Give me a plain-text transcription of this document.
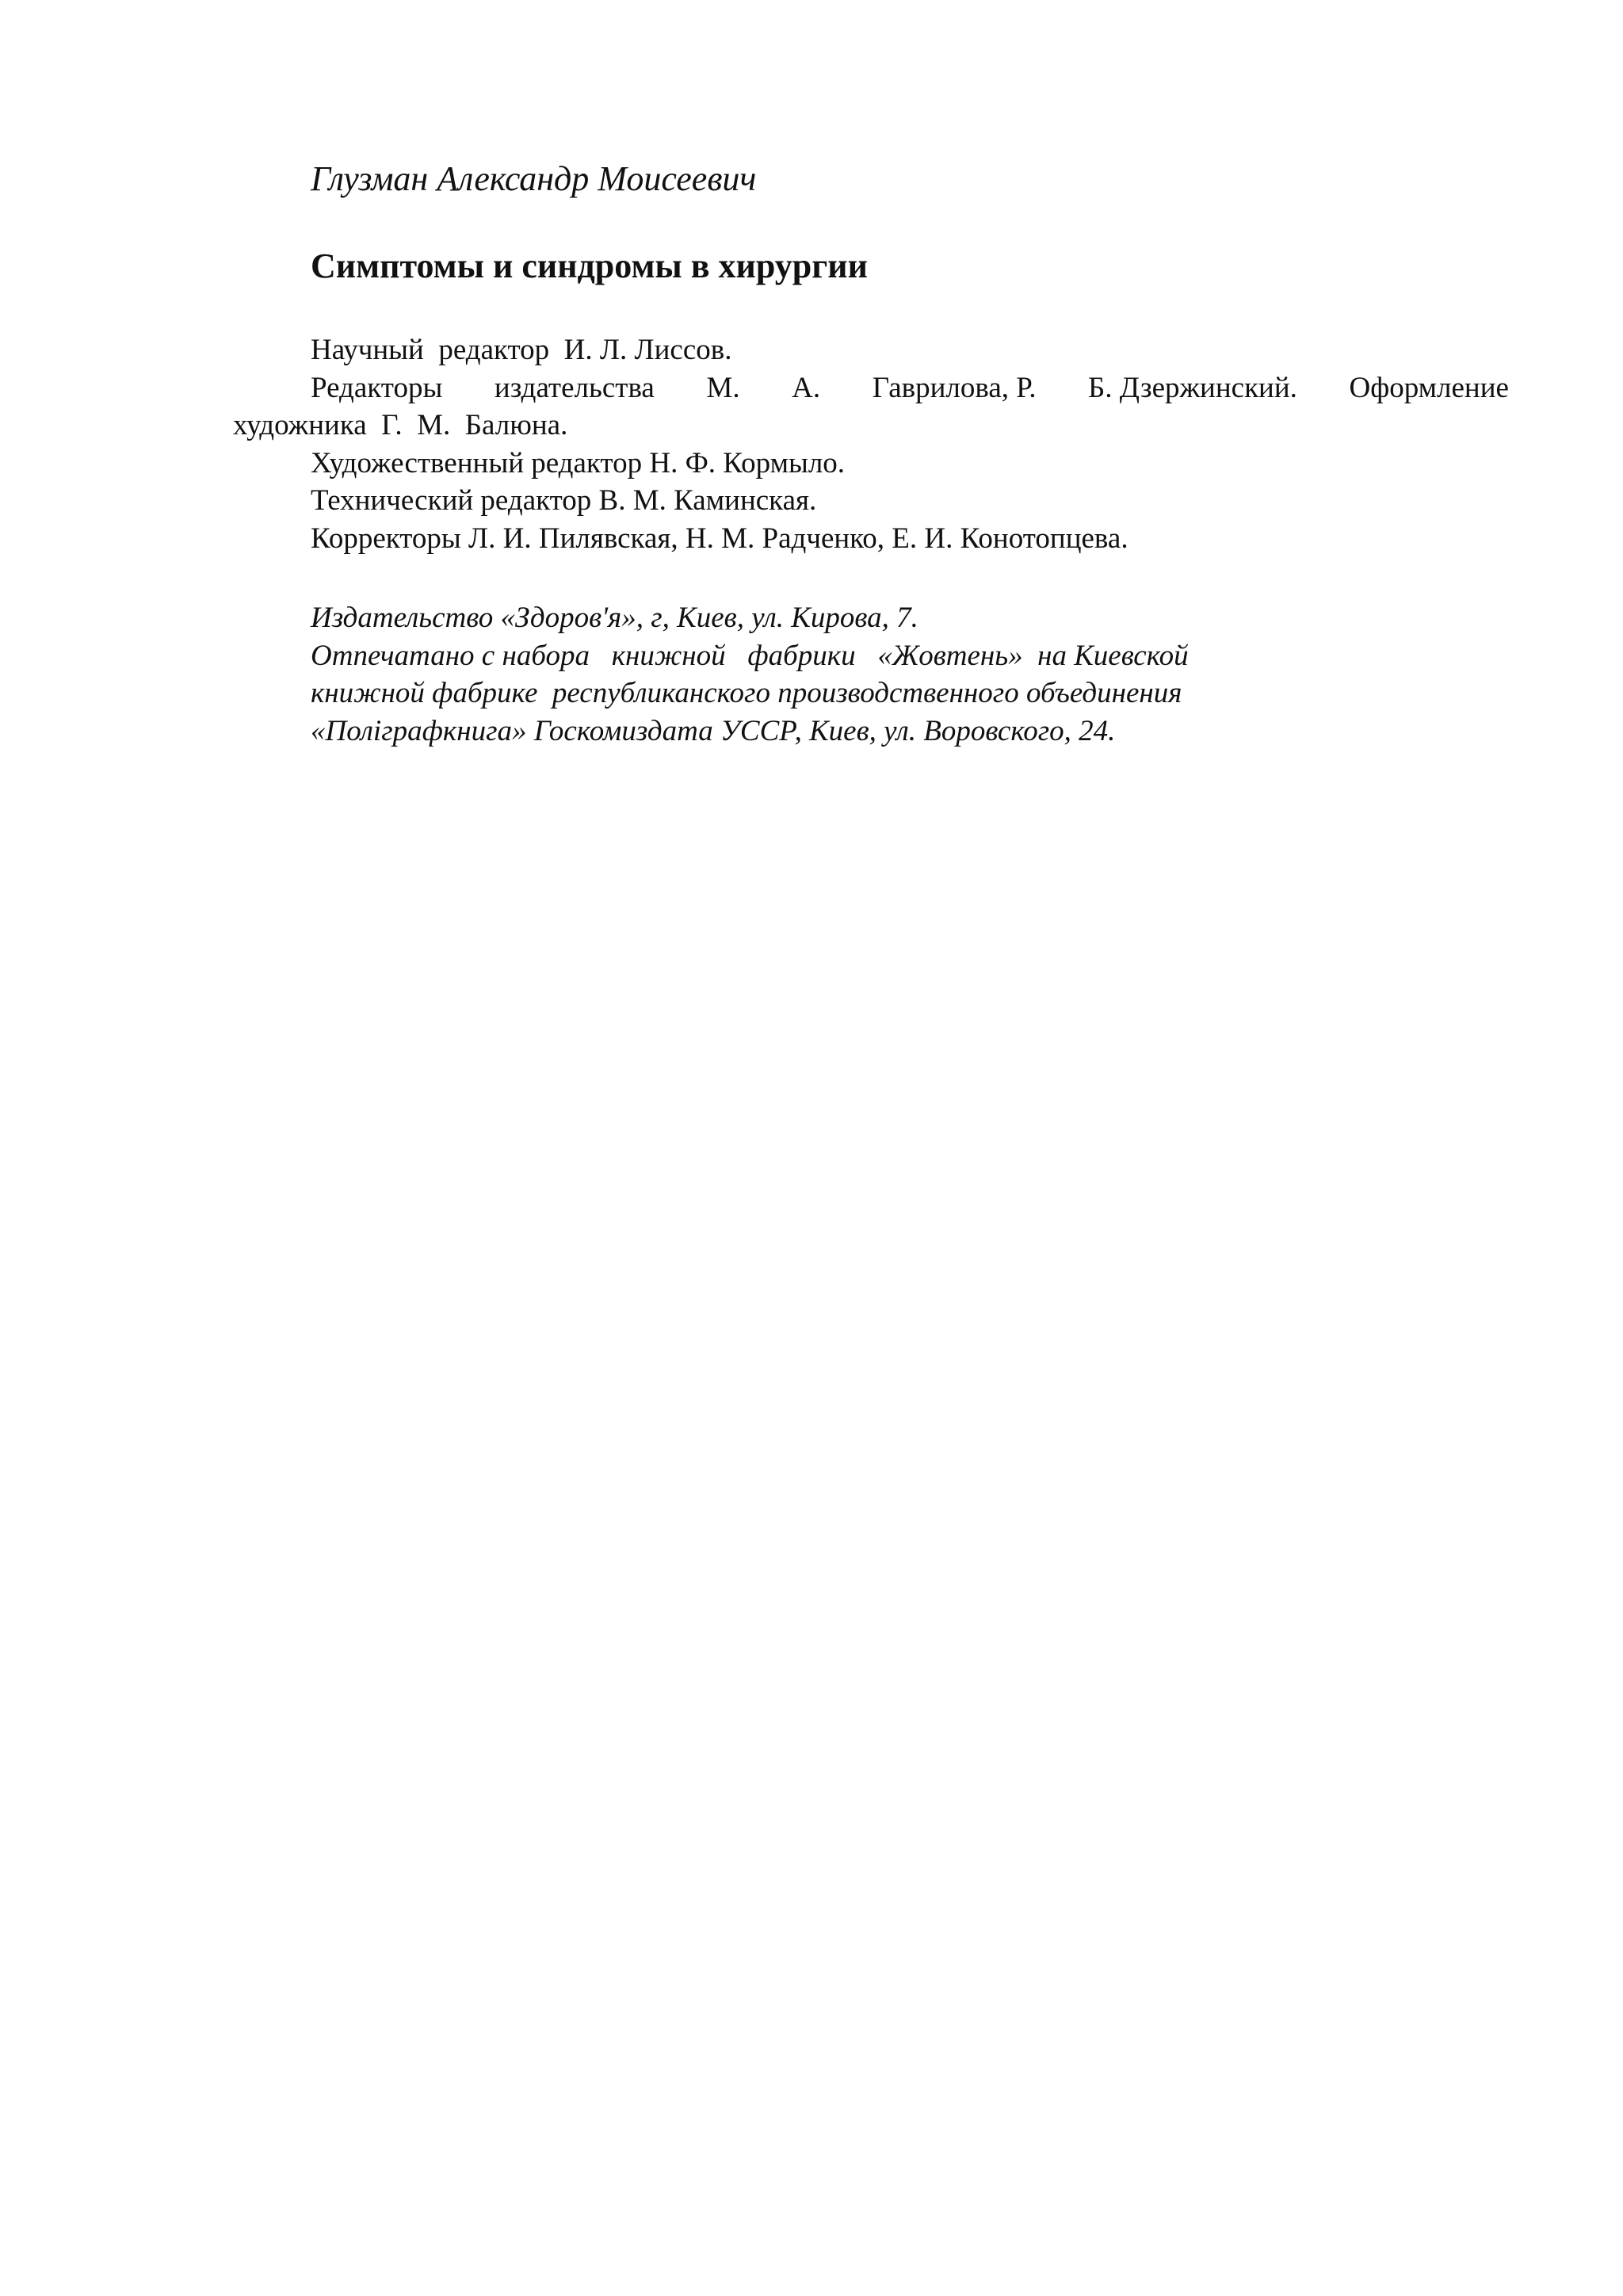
Глузман Александр Моисеевич
Симптомы и синдромы в хирургии
Научный  редактор  И. Л. Лиссов.
Редакторы издательства М. А. Гаврилова, Р. Б. Дзержинский. Оформление
художника  Г.  М.  Балюна.
Художественный редактор Н. Ф. Кормыло.
Технический редактор В. М. Каминская.
Корректоры Л. И. Пилявская, Н. М. Радченко, Е. И. Конотопцева.
Издательство «Здоров'я», г, Киев, ул. Кирова, 7.
Отпечатано с набора   книжной   фабрики   «Жовтень»  на Киевской
книжной фабрике  республиканского производственного объединения
«Поліграфкнига» Госкомиздата УССР, Киев, ул. Воровского, 24.
